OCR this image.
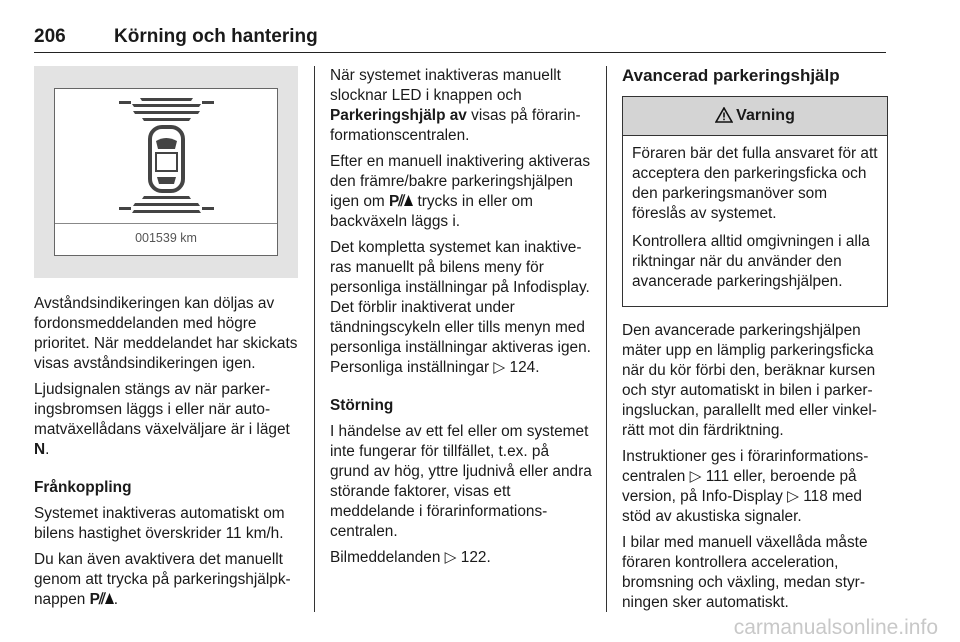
206	Körning och hantering
001539 km

Avståndsindikeringen kan döljas av fordonsmeddelanden med högre prioritet. När meddelandet har skickats visas avståndsindikeringen igen.

Ljudsignalen stängs av när parkeringsbromsen läggs i eller när automatväxellådans växelväljare är i läget N.

Frånkoppling

Systemet inaktiveras automatiskt om bilens hastighet överskrider 11 km/h.

Du kan även avaktivera det manuellt genom att trycka på parkeringshjälpknappen P⫽ .

När systemet inaktiveras manuellt slocknar LED i knappen och Parkeringshjälp av visas på förarinformationscentralen.

Efter en manuell inaktivering aktiveras den främre/bakre parkeringshjälpen igen om P⫽ trycks in eller om backväxeln läggs i.

Det kompletta systemet kan inaktiveras manuellt på bilens meny för personliga inställningar på Infodisplay. Det förblir inaktiverat under tändningscykeln eller tills menyn med personliga inställningar aktiveras igen. Personliga inställningar ▷ 124.

Störning

I händelse av ett fel eller om systemet inte fungerar för tillfället, t.ex. på grund av hög, yttre ljudnivå eller andra störande faktorer, visas ett meddelande i förarinformationscentralen.

Bilmeddelanden ▷ 122.

Avancerad parkeringshjälp
Varning

Föraren bär det fulla ansvaret för att acceptera den parkeringsficka och den parkeringsmanöver som föreslås av systemet.

Kontrollera alltid omgivningen i alla riktningar när du använder den avancerade parkeringshjälpen.

Den avancerade parkeringshjälpen mäter upp en lämplig parkeringsficka när du kör förbi den, beräknar kursen och styr automatiskt in bilen i parkeringsluckan, parallellt med eller vinkelrätt mot din färdriktning.

Instruktioner ges i förarinformationscentralen ▷ 111 eller, beroende på version, på Info-Display ▷ 118 med stöd av akustiska signaler.

I bilar med manuell växellåda måste föraren kontrollera acceleration, bromsning och växling, medan styrningen sker automatiskt.

carmanualsonline.info
